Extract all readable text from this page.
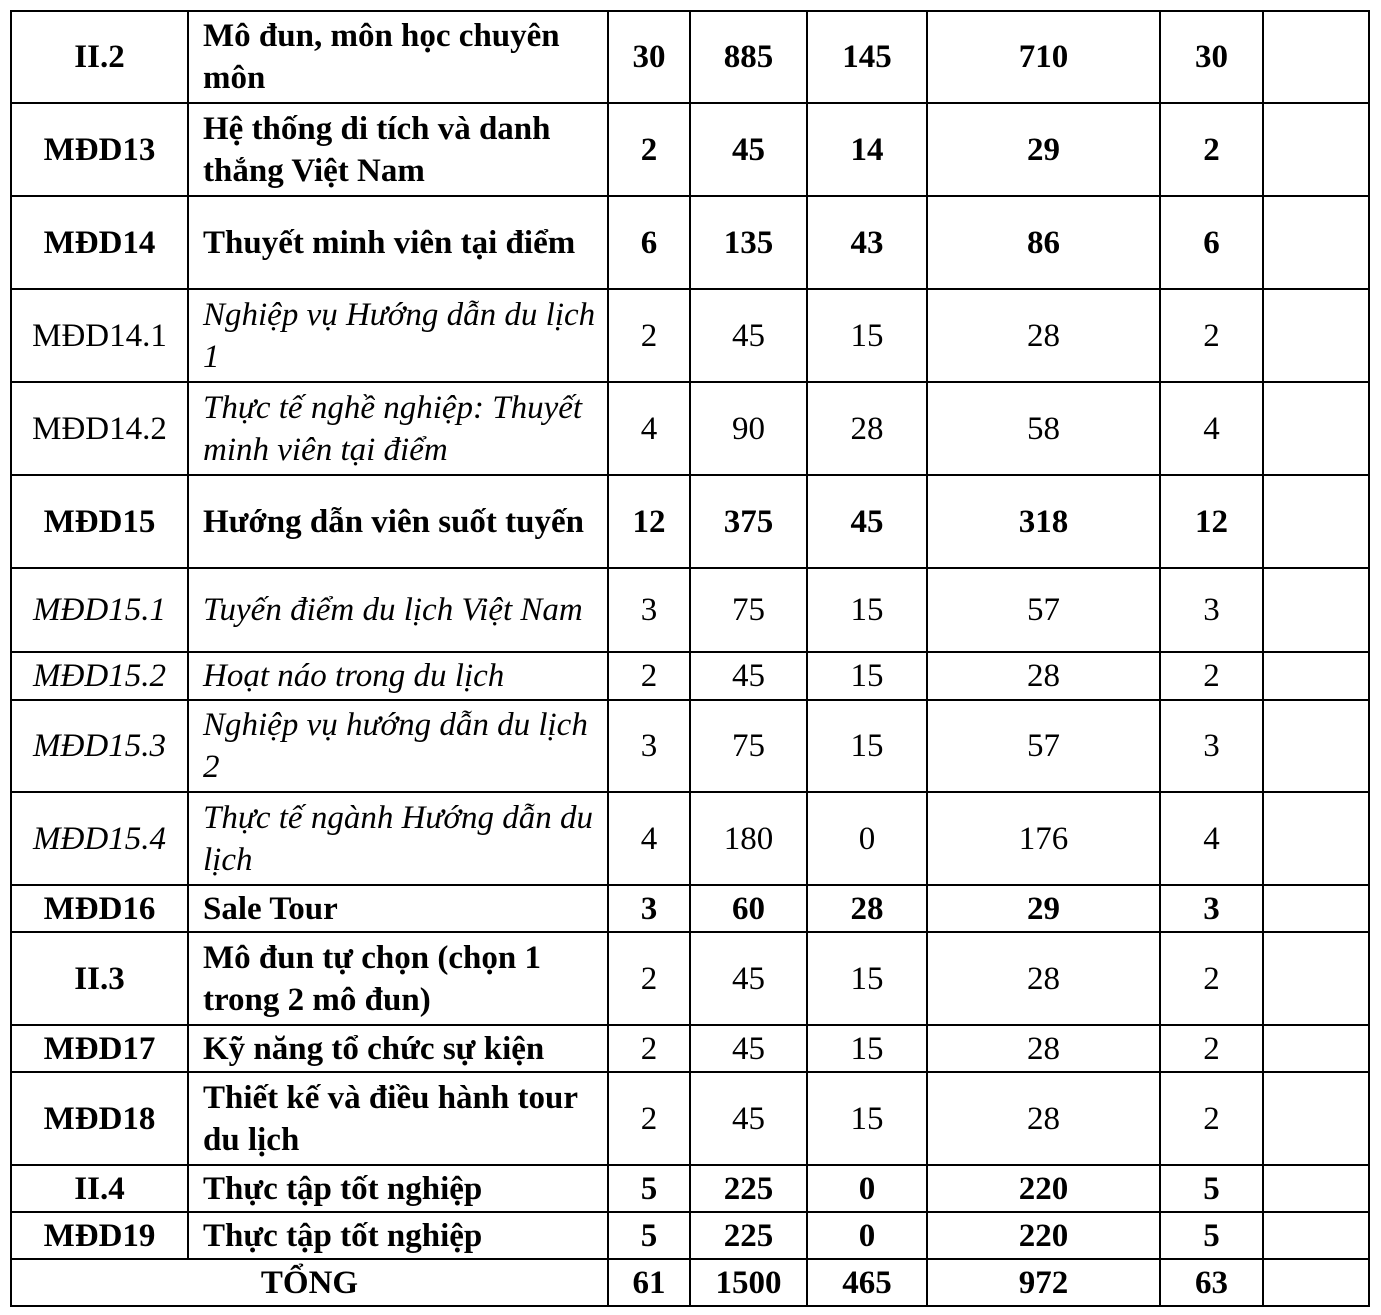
II.2	Mô đun, môn học chuyên môn	30	885	145	710	30	
MĐD13	Hệ thống di tích và danh thắng Việt Nam	2	45	14	29	2	
MĐD14	Thuyết minh viên tại điểm	6	135	43	86	6	
MĐD14.1	Nghiệp vụ Hướng dẫn du lịch 1	2	45	15	28	2	
MĐD14.2	Thực tế nghề nghiệp: Thuyết minh viên tại điểm	4	90	28	58	4	
MĐD15	Hướng dẫn viên suốt tuyến	12	375	45	318	12	
MĐD15.1	Tuyến điểm du lịch Việt Nam	3	75	15	57	3	
MĐD15.2	Hoạt náo trong du lịch	2	45	15	28	2	
MĐD15.3	Nghiệp vụ hướng dẫn du lịch 2	3	75	15	57	3	
MĐD15.4	Thực tế ngành Hướng dẫn du lịch	4	180	0	176	4	
MĐD16	Sale Tour	3	60	28	29	3	
II.3	Mô đun tự chọn (chọn 1 trong 2 mô đun)	2	45	15	28	2	
MĐD17	Kỹ năng tổ chức sự kiện	2	45	15	28	2	
MĐD18	Thiết kế và điều hành tour du lịch	2	45	15	28	2	
II.4	Thực tập tốt nghiệp	5	225	0	220	5	
MĐD19	Thực tập tốt nghiệp	5	225	0	220	5	
TỔNG		61	1500	465	972	63	
